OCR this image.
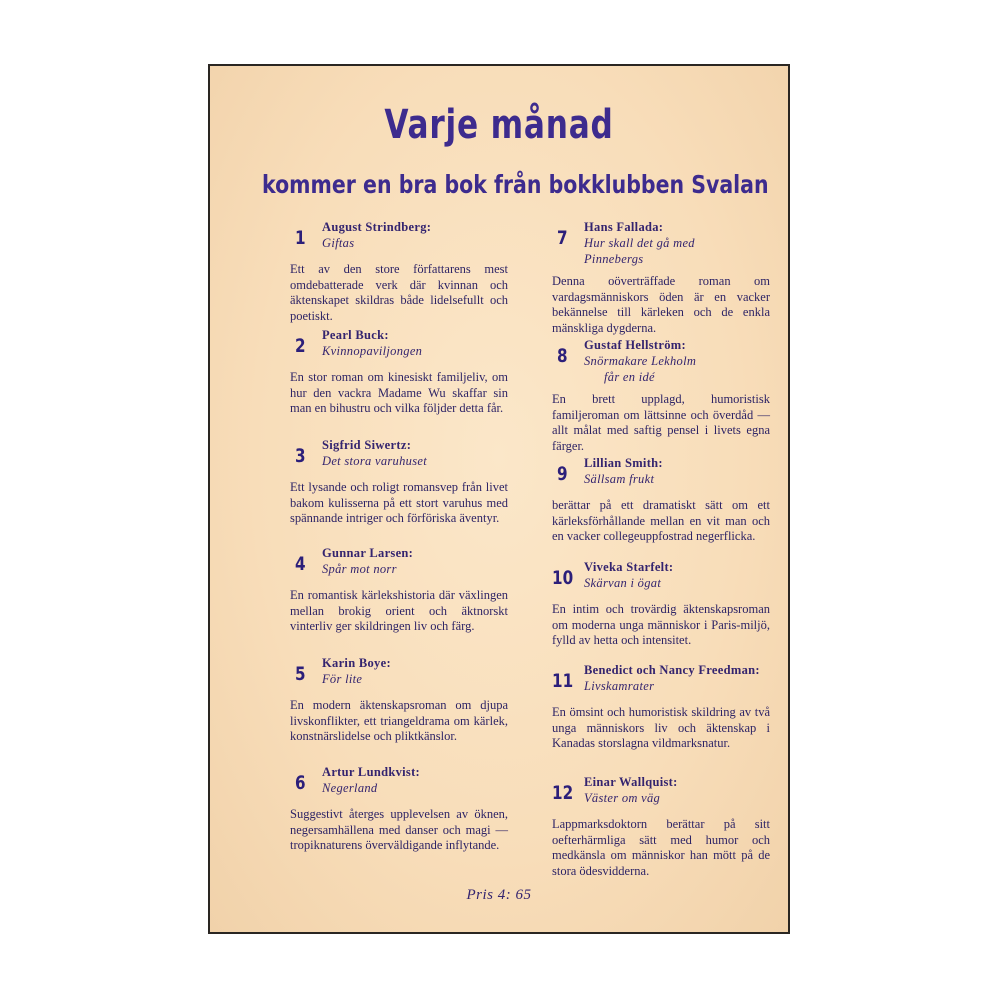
Varje månad
kommer en bra bok från bokklubben Svalan
1	August Strindberg:
Giftas

Ett av den store författarens mest omdebatterade verk där kvinnan och äktenskapet skildras både lidelsefullt och poetiskt.

2	Pearl Buck:
Kvinnopaviljongen

En stor roman om kinesiskt familjeliv, om hur den vackra Madame Wu skaffar sin man en bihustru och vilka följder detta får.

3	Sigfrid Siwertz:
Det stora varuhuset

Ett lysande och roligt romansvep från livet bakom kulisserna på ett stort varuhus med spännande intriger och förföriska äventyr.

4	Gunnar Larsen:
Spår mot norr

En romantisk kärlekshistoria där växlingen mellan brokig orient och äktnorskt vinterliv ger skildringen liv och färg.

5	Karin Boye:
För lite

En modern äktenskapsroman om djupa livskonflikter, ett triangeldrama om kärlek, konstnärslidelse och pliktkänslor.

6	Artur Lundkvist:
Negerland

Suggestivt återges upplevelsen av öknen, negersamhällena med danser och magi — tropiknaturens överväldigande inflytande.

7	Hans Fallada:
Hur skall det gå med
Pinnebergs

Denna oöverträffade roman om vardagsmänniskors öden är en vacker bekännelse till kärleken och de enkla mänskliga dygderna.

8	Gustaf Hellström:
Snörmakare Lekholm
får en idé

En brett upplagd, humoristisk familjeroman om lättsinne och överdåd — allt målat med saftig pensel i livets egna färger.

9	Lillian Smith:
Sällsam frukt

berättar på ett dramatiskt sätt om ett kärleksförhållande mellan en vit man och en vacker collegeuppfostrad negerflicka.

10 Viveka Starfelt:
Skärvan i ögat

En intim och trovärdig äktenskapsroman om moderna unga människor i Paris-miljö, fylld av hetta och intensitet.

11 Benedict och Nancy Freedman:
Livskamrater

En ömsint och humoristisk skildring av två unga människors liv och äktenskap i Kanadas storslagna vildmarksnatur.

12 Einar Wallquist:
Väster om väg

Lappmarksdoktorn berättar på sitt oefterhärmliga sätt med humor och medkänsla om människor han mött på de stora ödesvidderna.

Pris 4: 65
